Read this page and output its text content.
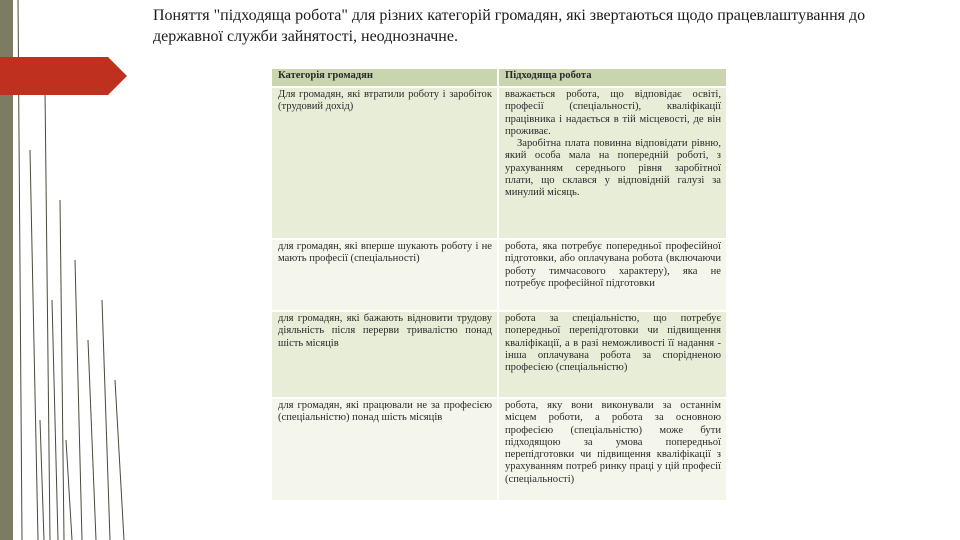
Поняття "підходяща робота" для різних категорій громадян, які звертаються щодо працевлаштування до державної служби зайнятості, неоднозначне.
Категорія громадян	Підходяща робота
Для громадян, які втратили роботу і заробіток (трудовий дохід)	вважається робота, що відповідає освіті, професії (спеціальності), кваліфікації працівника і надається в тій місцевості, де він проживає.
Заробітна плата повинна відповідати рівню, який особа мала на попередній роботі, з урахуванням середнього рівня заробітної плати, що склався у відповідній галузі за минулий місяць.

для громадян, які вперше шукають роботу і не мають професії (спеціальності)	робота, яка потребує попередньої професійної підготовки, або оплачувана робота (включаючи роботу тимчасового характеру), яка не потребує професійної підготовки
для громадян, які бажають відновити трудову діяльність після перерви тривалістю понад шість місяців	робота за спеціальністю, що потребує попередньої перепідготовки чи підвищення кваліфікації, а в разі неможливості її надання - інша оплачувана робота за спорідненою професією (спеціальністю)
для громадян, які працювали не за професією (спеціальністю) понад шість місяців	робота, яку вони виконували за останнім місцем роботи, а робота за основною професією (спеціальністю) може бути підходящою за умова попередньої перепідготовки чи підвищення кваліфікації з урахуванням потреб ринку праці у цій професії (спеціальності)
